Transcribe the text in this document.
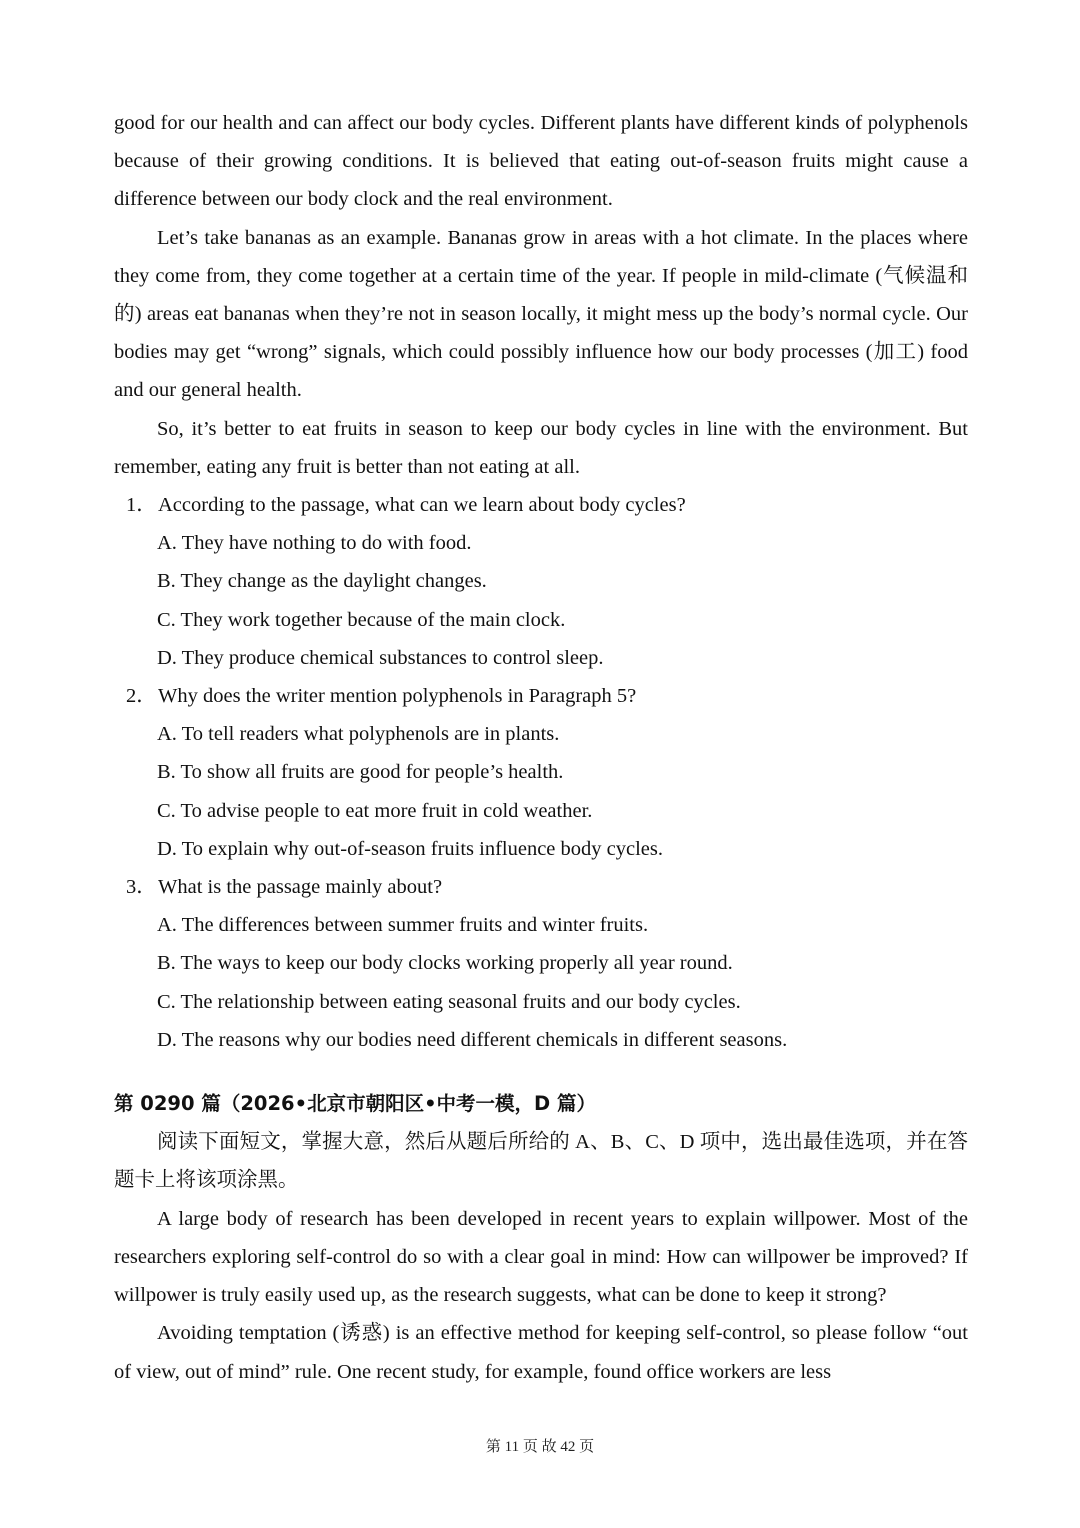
good for our health and can affect our body cycles. Different plants have different kinds of polyphenols because of their growing conditions. It is believed that eating out-of-season fruits might cause a difference between our body clock and the real environment.

Let’s take bananas as an example. Bananas grow in areas with a hot climate. In the places where they come from, they come together at a certain time of the year. If people in mild-climate (气候温和的) areas eat bananas when they’re not in season locally, it might mess up the body’s normal cycle. Our bodies may get “wrong” signals, which could possibly influence how our body processes (加工) food and our general health.

So, it’s better to eat fruits in season to keep our body cycles in line with the environment. But remember, eating any fruit is better than not eating at all.

1．According to the passage, what can we learn about body cycles?

A. They have nothing to do with food.

B. They change as the daylight changes.

C. They work together because of the main clock.

D. They produce chemical substances to control sleep.

2．Why does the writer mention polyphenols in Paragraph 5?

A. To tell readers what polyphenols are in plants.

B. To show all fruits are good for people’s health.

C. To advise people to eat more fruit in cold weather.

D. To explain why out-of-season fruits influence body cycles.

3．What is the passage mainly about?

A. The differences between summer fruits and winter fruits.

B. The ways to keep our body clocks working properly all year round.

C. The relationship between eating seasonal fruits and our body cycles.

D. The reasons why our bodies need different chemicals in different seasons.

第 0290 篇（2026•北京市朝阳区•中考一模，D 篇）

阅读下面短文，掌握大意，然后从题后所给的 A、B、C、D 项中，选出最佳选项，并在答题卡上将该项涂黑。

A large body of research has been developed in recent years to explain willpower. Most of the researchers exploring self-control do so with a clear goal in mind: How can willpower be improved? If willpower is truly easily used up, as the research suggests, what can be done to keep it strong?

Avoiding temptation (诱惑) is an effective method for keeping self-control, so please follow “out of view, out of mind” rule. One recent study, for example, found office workers are less

第 11 页 故 42 页
